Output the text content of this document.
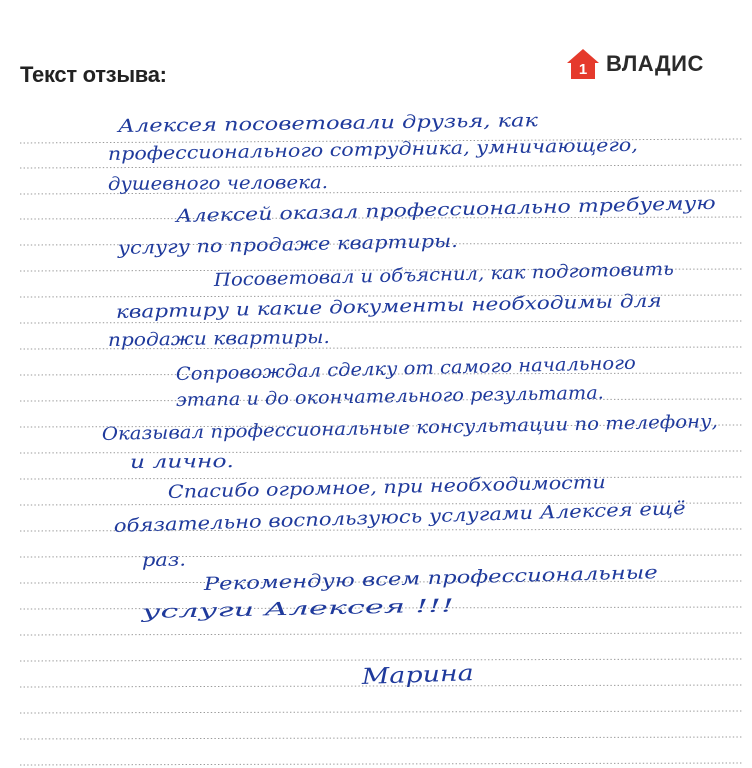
Текст отзыва:	1 ВЛАДИС
Алексея посоветовали друзья, как
профессионального сотрудника, умничающего,
душевного человека.
Алексей оказал профессионально требуемую
услугу по продаже квартиры.
Посоветовал и объяснил, как подготовить
квартиру и какие документы необходимы для
продажи квартиры.
Сопровождал сделку от самого начального
этапа и до окончательного результата.
Оказывал профессиональные консультации по телефону,
и лично.
Спасибо огромное, при необходимости
обязательно воспользуюсь услугами Алексея ещё
раз.
Рекомендую всем профессиональные
услуги Алексея !!!
Марина
